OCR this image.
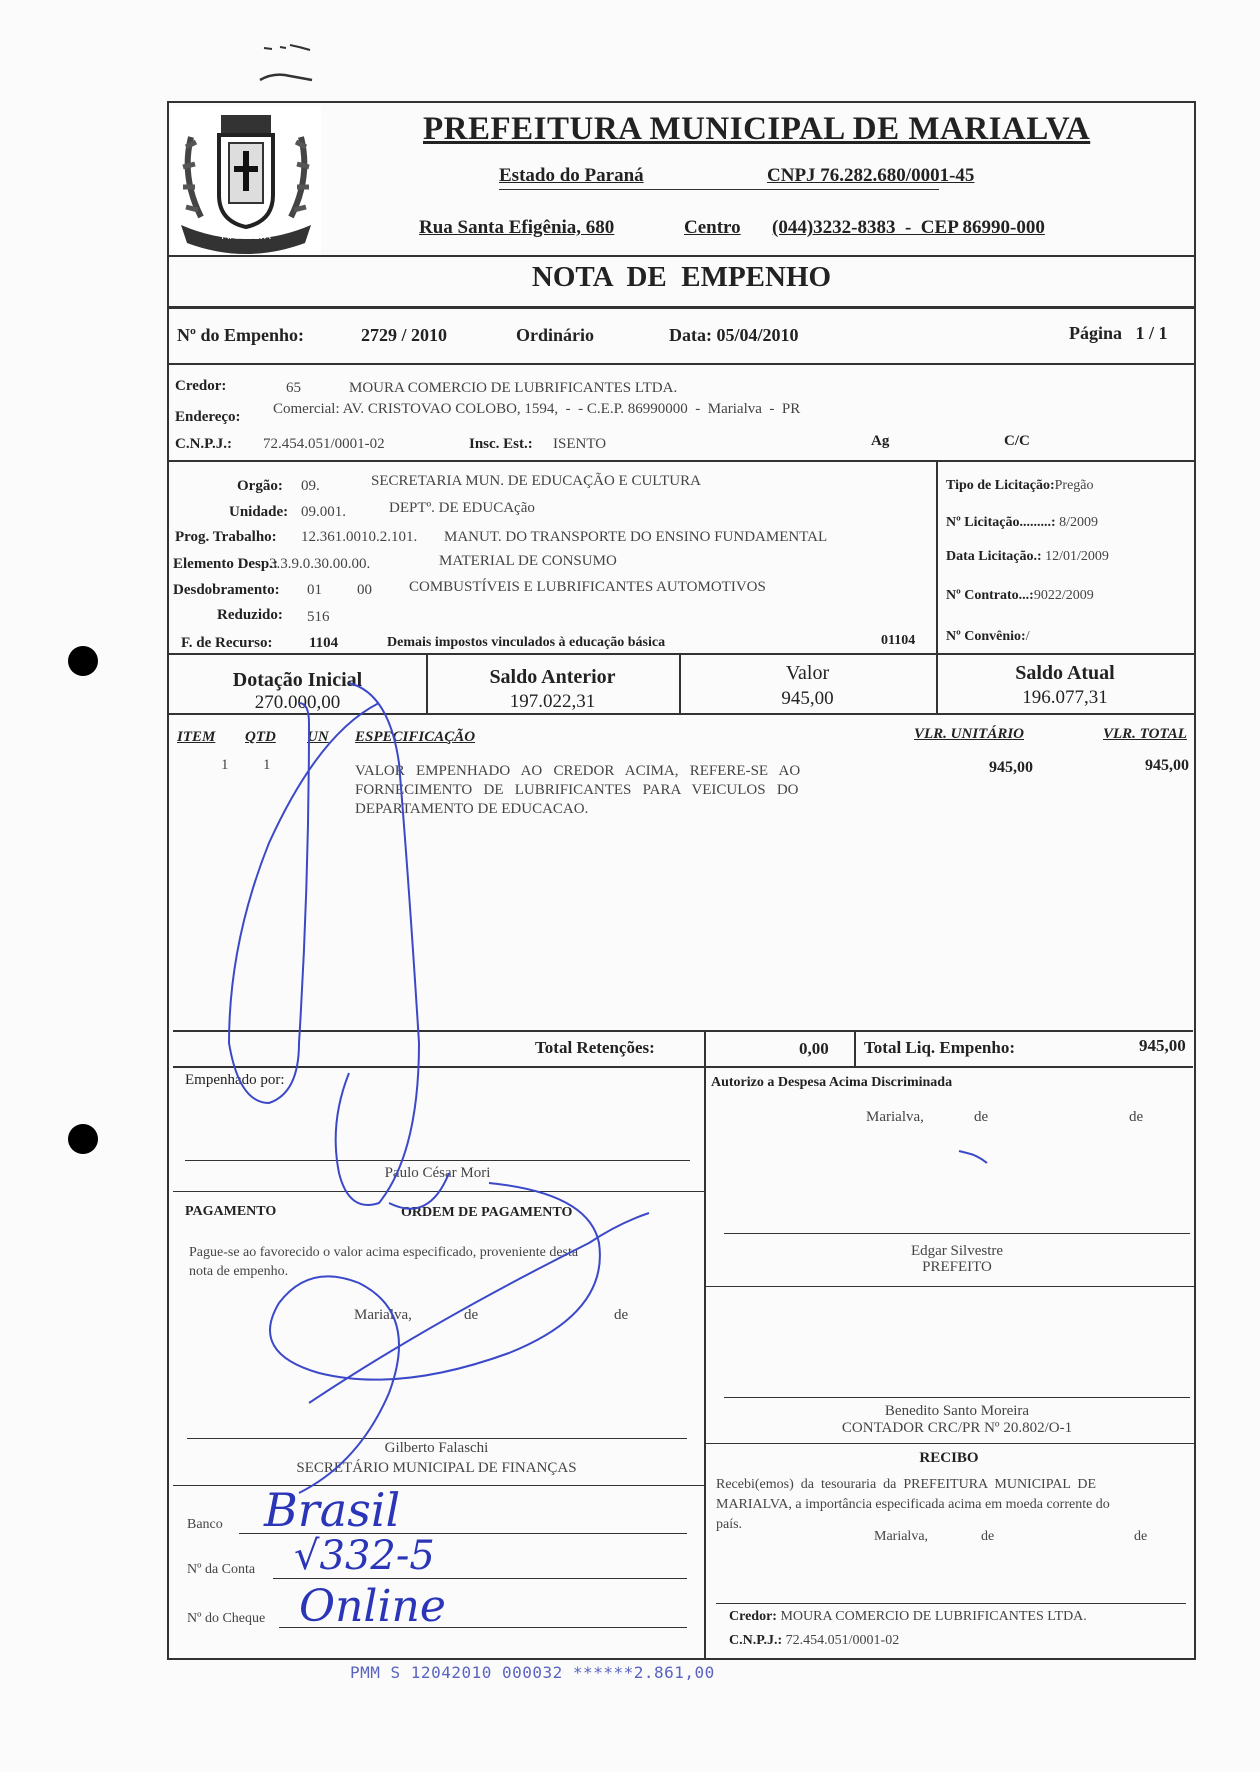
MARIALVA
PREFEITURA MUNICIPAL DE MARIALVA
Estado do Paraná	CNPJ 76.282.680/0001-45
Rua Santa Efigênia, 680	Centro (044)3232-8383  -  CEP 86990-000
NOTA  DE  EMPENHO
Nº do Empenho:	2729 / 2010	Ordinário	Data: 05/04/2010	Página   1 / 1
Credor:	65	MOURA COMERCIO DE LUBRIFICANTES LTDA.
Endereço: Comercial: AV. CRISTOVAO COLOBO, 1594,  -  - C.E.P. 86990000  -  Marialva  -  PR
C.N.P.J.: 72.454.051/0001-02	Insc. Est.: ISENTO	Ag	C/C
Orgão: 09.	SECRETARIA MUN. DE EDUCAÇÃO E CULTURA
Unidade: 09.001.	DEPTº. DE EDUCAção
Prog. Trabalho: 12.361.0010.2.101. MANUT. DO TRANSPORTE DO ENSINO FUNDAMENTAL
Elemento Desp.:
3.3.9.0.30.00.00.	MATERIAL DE CONSUMO
Desdobramento: 01 00 COMBUSTÍVEIS E LUBRIFICANTES AUTOMOTIVOS
Reduzido: 516
F. de Recurso: 1104	Demais impostos vinculados à educação básica	01104
Tipo de Licitação:Pregão
Nº Licitação.........: 8/2009
Data Licitação.: 12/01/2009
Nº Contrato...:9022/2009
Nº Convênio:/
Dotação Inicial
270.000,00
Saldo Anterior
197.022,31
Valor
945,00
Saldo Atual
196.077,31
ITEM QTD UN ESPECIFICAÇÃO	VLR. UNITÁRIO	VLR. TOTAL
1 1	VALOR   EMPENHADO   AO   CREDOR   ACIMA,   REFERE-SE   AO
FORNECIMENTO   DE   LUBRIFICANTES   PARA   VEICULOS   DO
DEPARTAMENTO DE EDUCACAO.
945,00	945,00
Total Retenções:	0,00 Total Liq. Empenho:	945,00
Empenhado por:
Paulo César Mori
Autorizo a Despesa Acima Discriminada
Marialva,	de	de
Edgar Silvestre
PREFEITO
Benedito Santo Moreira
CONTADOR CRC/PR Nº 20.802/O-1
PAGAMENTO	ORDEM DE PAGAMENTO
Pague-se ao favorecido o valor acima especificado, proveniente desta
nota de empenho.
Marialva,	de	de
Gilberto Falaschi
SECRETÁRIO MUNICIPAL DE FINANÇAS
RECIBO
Recebi(emos)  da  tesouraria  da  PREFEITURA  MUNICIPAL  DE
MARIALVA, a importância especificada acima em moeda corrente do
país.
Marialva,	de	de
Credor: MOURA COMERCIO DE LUBRIFICANTES LTDA.
C.N.P.J.: 72.454.051/0001-02
Banco Brasil
Nº da Conta √332-5
Nº do Cheque Online
PMM S 12042010 000032 ******2.861,00
